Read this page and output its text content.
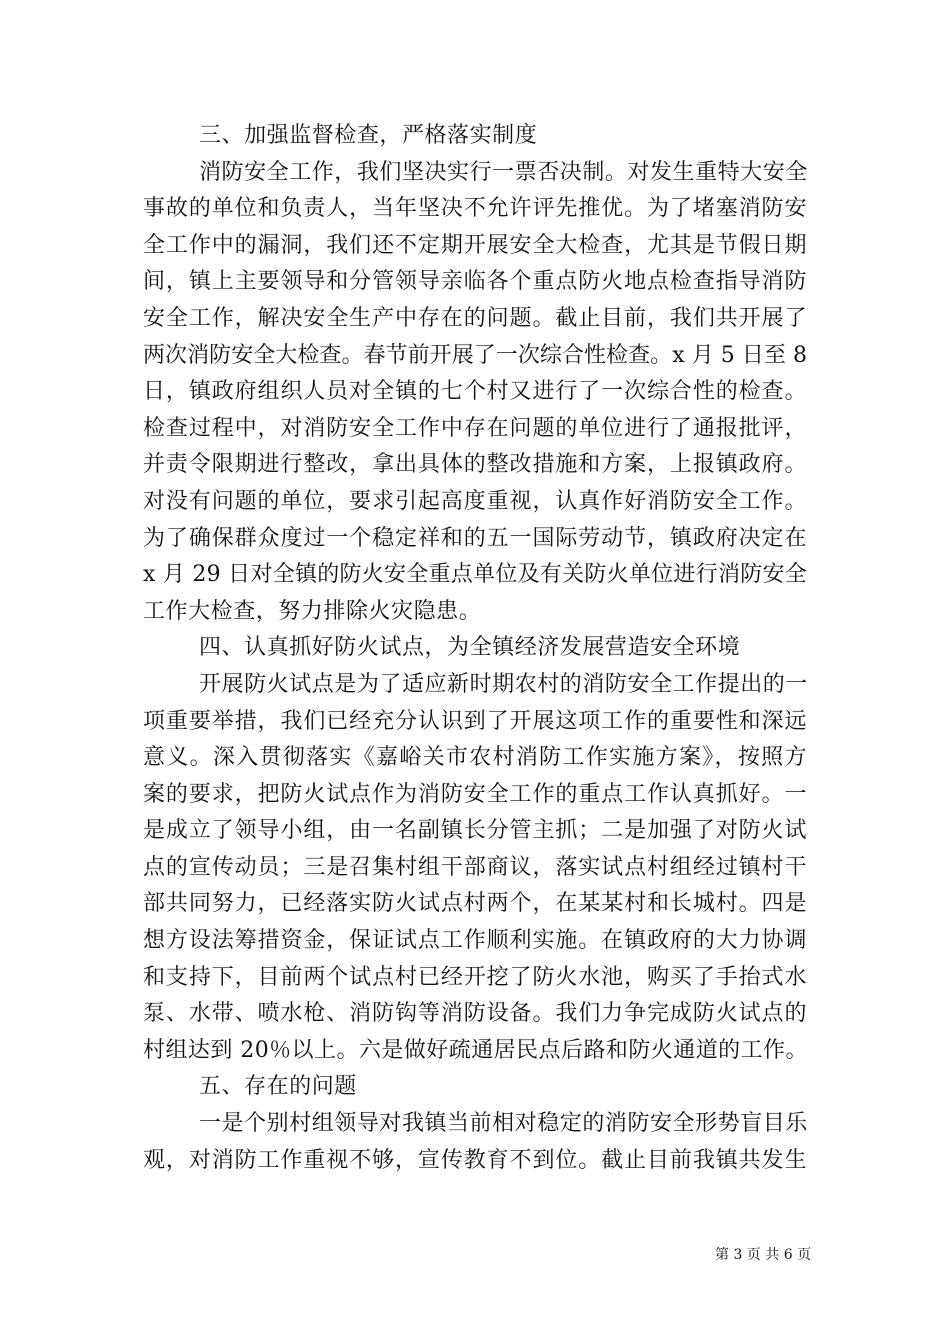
三、加强监督检查，严格落实制度
消防安全工作，我们坚决实行一票否决制。对发生重特大安全
事故的单位和负责人，当年坚决不允许评先推优。为了堵塞消防安
全工作中的漏洞，我们还不定期开展安全大检查，尤其是节假日期
间，镇上主要领导和分管领导亲临各个重点防火地点检查指导消防
安全工作，解决安全生产中存在的问题。截止目前，我们共开展了
两次消防安全大检查。春节前开展了一次综合性检查。x 月 5 日至 8
日，镇政府组织人员对全镇的七个村又进行了一次综合性的检查。
检查过程中，对消防安全工作中存在问题的单位进行了通报批评，
并责令限期进行整改，拿出具体的整改措施和方案，上报镇政府。
对没有问题的单位，要求引起高度重视，认真作好消防安全工作。
为了确保群众度过一个稳定祥和的五一国际劳动节，镇政府决定在
x 月 29 日对全镇的防火安全重点单位及有关防火单位进行消防安全
工作大检查，努力排除火灾隐患。
四、认真抓好防火试点，为全镇经济发展营造安全环境
开展防火试点是为了适应新时期农村的消防安全工作提出的一
项重要举措，我们已经充分认识到了开展这项工作的重要性和深远
意义。深入贯彻落实《嘉峪关市农村消防工作实施方案》，按照方
案的要求，把防火试点作为消防安全工作的重点工作认真抓好。一
是成立了领导小组，由一名副镇长分管主抓；二是加强了对防火试
点的宣传动员；三是召集村组干部商议，落实试点村组经过镇村干
部共同努力，已经落实防火试点村两个，在某某村和长城村。四是
想方设法筹措资金，保证试点工作顺利实施。在镇政府的大力协调
和支持下，目前两个试点村已经开挖了防火水池，购买了手抬式水
泵、水带、喷水枪、消防钩等消防设备。我们力争完成防火试点的
村组达到 20％以上。六是做好疏通居民点后路和防火通道的工作。
五、存在的问题
一是个别村组领导对我镇当前相对稳定的消防安全形势盲目乐
观，对消防工作重视不够，宣传教育不到位。截止目前我镇共发生
第 3 页 共 6 页
